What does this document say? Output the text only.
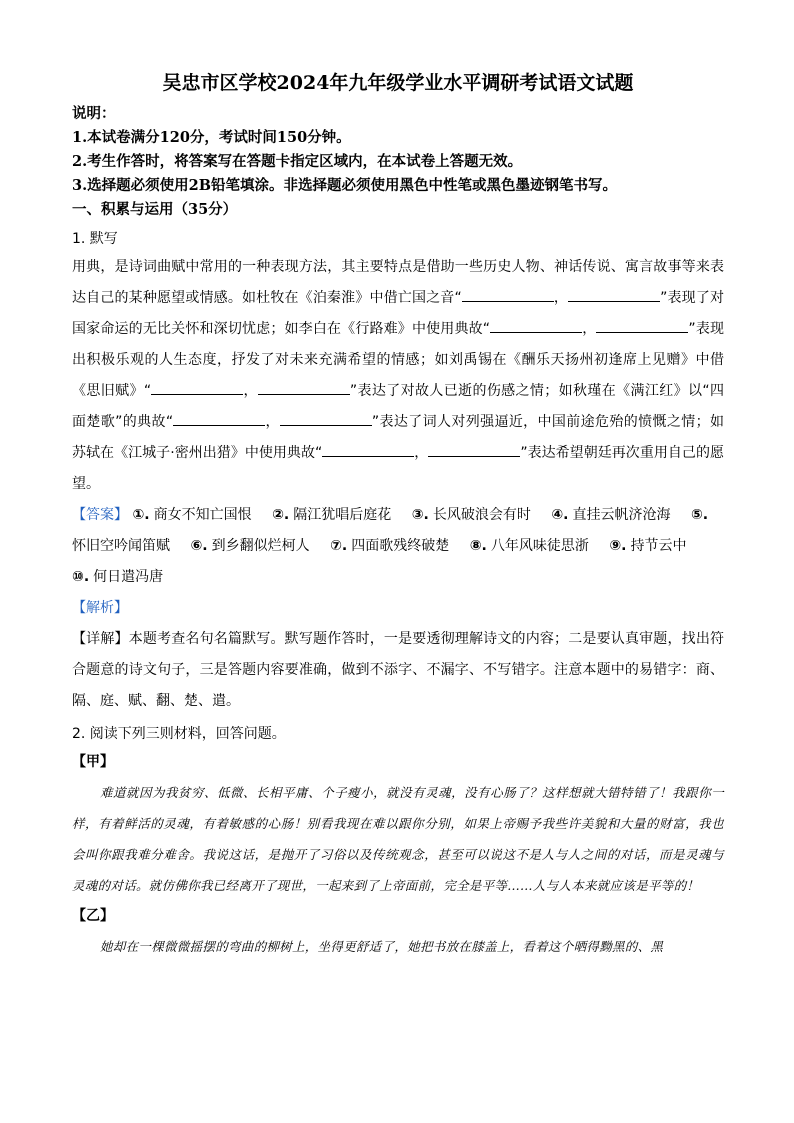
吴忠市区学校2024年九年级学业水平调研考试语文试题
说明：
1.本试卷满分120分，考试时间150分钟。
2.考生作答时，将答案写在答题卡指定区域内，在本试卷上答题无效。
3.选择题必须使用2B铅笔填涂。非选择题必须使用黑色中性笔或黑色墨迹钢笔书写。
一、积累与运用（35分）
1. 默写
用典，是诗词曲赋中常用的一种表现方法，其主要特点是借助一些历史人物、神话传说、寓言故事等来表达自己的某种愿望或情感。如杜牧在《泊秦淮》中借亡国之音“	，	”表现了对国家命运的无比关怀和深切忧虑；如李白在《行路难》中使用典故“	，	”表现出积极乐观的人生态度，抒发了对未来充满希望的情感；如刘禹锡在《酬乐天扬州初逢席上见赠》中借《思旧赋》“	，	”表达了对故人已逝的伤感之情；如秋瑾在《满江红》以“四面楚歌”的典故“	，	”表达了词人对列强逼近，中国前途危殆的愤慨之情；如苏轼在《江城子·密州出猎》中使用典故“	，	”表达希望朝廷再次重用自己的愿望。
【答案】 ①. 商女不知亡国恨 ②. 隔江犹唱后庭花 ③. 长风破浪会有时 ④. 直挂云帆济沧海 ⑤.怀旧空吟闻笛赋 ⑥. 到乡翻似烂柯人 ⑦. 四面歌残终破楚 ⑧. 八年风味徒思浙 ⑨. 持节云中 ⑩. 何日遣冯唐
【解析】
【详解】本题考查名句名篇默写。默写题作答时，一是要透彻理解诗文的内容；二是要认真审题，找出符合题意的诗文句子，三是答题内容要准确，做到不添字、不漏字、不写错字。注意本题中的易错字：商、隔、庭、赋、翻、楚、遣。
2. 阅读下列三则材料，回答问题。
【甲】
难道就因为我贫穷、低微、长相平庸、个子瘦小，就没有灵魂，没有心肠了？这样想就大错特错了！我跟你一样，有着鲜活的灵魂，有着敏感的心肠！别看我现在难以跟你分别，如果上帝赐予我些许美貌和大量的财富，我也会叫你跟我难分难舍。我说这话，是抛开了习俗以及传统观念，甚至可以说这不是人与人之间的对话，而是灵魂与灵魂的对话。就仿佛你我已经离开了现世，一起来到了上帝面前，完全是平等……人与人本来就应该是平等的！
【乙】
她却在一棵微微摇摆的弯曲的柳树上，坐得更舒适了，她把书放在膝盖上，看着这个晒得黝黑的、黑
